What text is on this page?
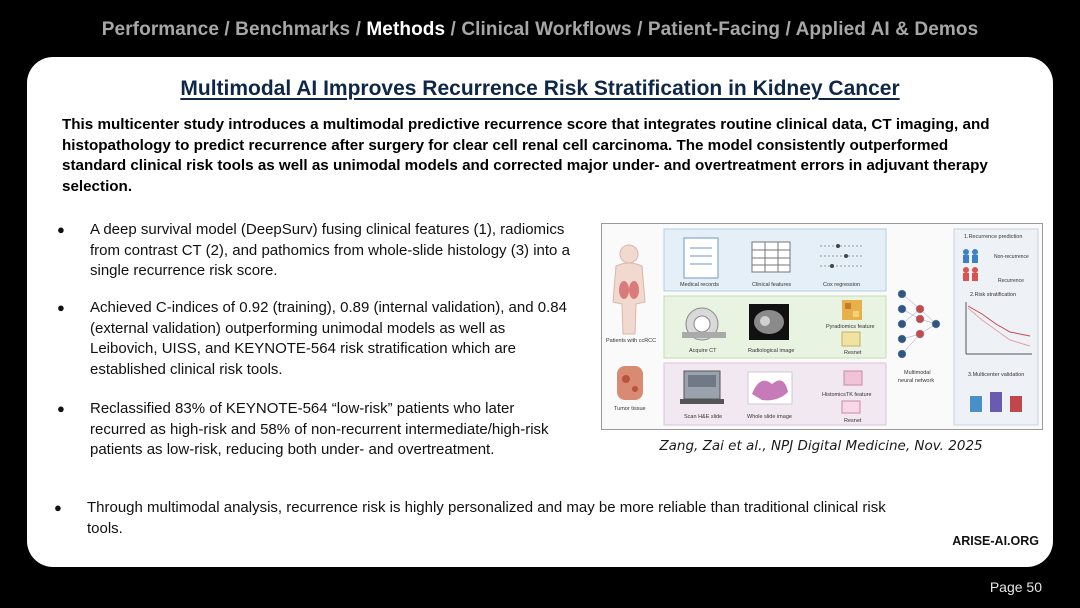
Performance / Benchmarks / Methods / Clinical Workflows / Patient-Facing / Applied AI & Demos
Multimodal AI Improves Recurrence Risk Stratification in Kidney Cancer
This multicenter study introduces a multimodal predictive recurrence score that integrates routine clinical data, CT imaging, and histopathology to predict recurrence after surgery for clear cell renal cell carcinoma. The model consistently outperformed standard clinical risk tools as well as unimodal models and corrected major under- and overtreatment errors in adjuvant therapy selection.
● A deep survival model (DeepSurv) fusing clinical features (1), radiomics from contrast CT (2), and pathomics from whole-slide histology (3) into a single recurrence risk score.
● Achieved C-indices of 0.92 (training), 0.89 (internal validation), and 0.84 (external validation) outperforming unimodal models as well as Leibovich, UISS, and KEYNOTE-564 risk stratification which are established clinical risk tools.
● Reclassified 83% of KEYNOTE-564 “low-risk” patients who later recurred as high-risk and 58% of non-recurrent intermediate/high-risk patients as low-risk, reducing both under- and overtreatment.
● Through multimodal analysis, recurrence risk is highly personalized and may be more reliable than traditional clinical risk tools.
Patients with ccRCC
Tumor tissue
Medical records	Clinical features	Cox regression
Acquire CT	Radiological image
Pyradiomics feature
Resnet
Scan H&E slide	Whole slide image
HistomicsTK feature
Resnet
Multimodal
neural network
1.Recurrence prediction
Non-recurrence
Recurrence
2.Risk stratification
3.Multicenter validation
Zang, Zai et al., NPJ Digital Medicine, Nov. 2025
ARISE-AI.ORG
Page 50
